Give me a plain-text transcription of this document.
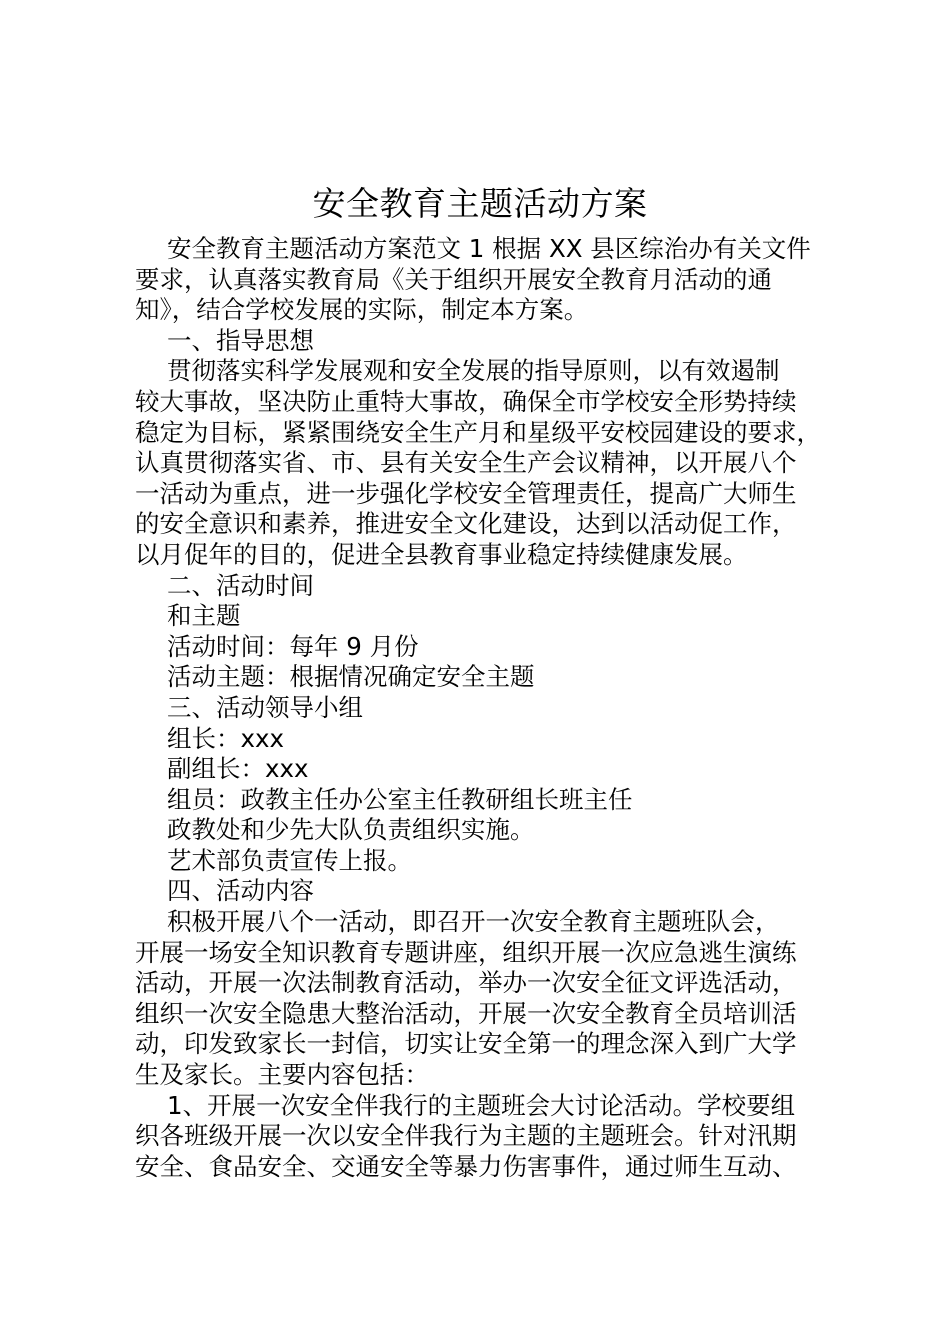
安全教育主题活动方案
安全教育主题活动方案范文 1 根据 XX 县区综治办有关文件
要求，认真落实教育局《关于组织开展安全教育月活动的通
知》，结合学校发展的实际，制定本方案。
一、指导思想
贯彻落实科学发展观和安全发展的指导原则，以有效遏制
较大事故，坚决防止重特大事故，确保全市学校安全形势持续
稳定为目标，紧紧围绕安全生产月和星级平安校园建设的要求，
认真贯彻落实省、市、县有关安全生产会议精神，以开展八个
一活动为重点，进一步强化学校安全管理责任，提高广大师生
的安全意识和素养，推进安全文化建设，达到以活动促工作，
以月促年的目的，促进全县教育事业稳定持续健康发展。
二、活动时间
和主题
活动时间：每年 9 月份
活动主题：根据情况确定安全主题
三、活动领导小组
组长：xxx
副组长：xxx
组员：政教主任办公室主任教研组长班主任
政教处和少先大队负责组织实施。
艺术部负责宣传上报。
四、活动内容
积极开展八个一活动，即召开一次安全教育主题班队会，
开展一场安全知识教育专题讲座，组织开展一次应急逃生演练
活动，开展一次法制教育活动，举办一次安全征文评选活动，
组织一次安全隐患大整治活动，开展一次安全教育全员培训活
动，印发致家长一封信，切实让安全第一的理念深入到广大学
生及家长。主要内容包括：
1、开展一次安全伴我行的主题班会大讨论活动。学校要组
织各班级开展一次以安全伴我行为主题的主题班会。针对汛期
安全、食品安全、交通安全等暴力伤害事件，通过师生互动、
